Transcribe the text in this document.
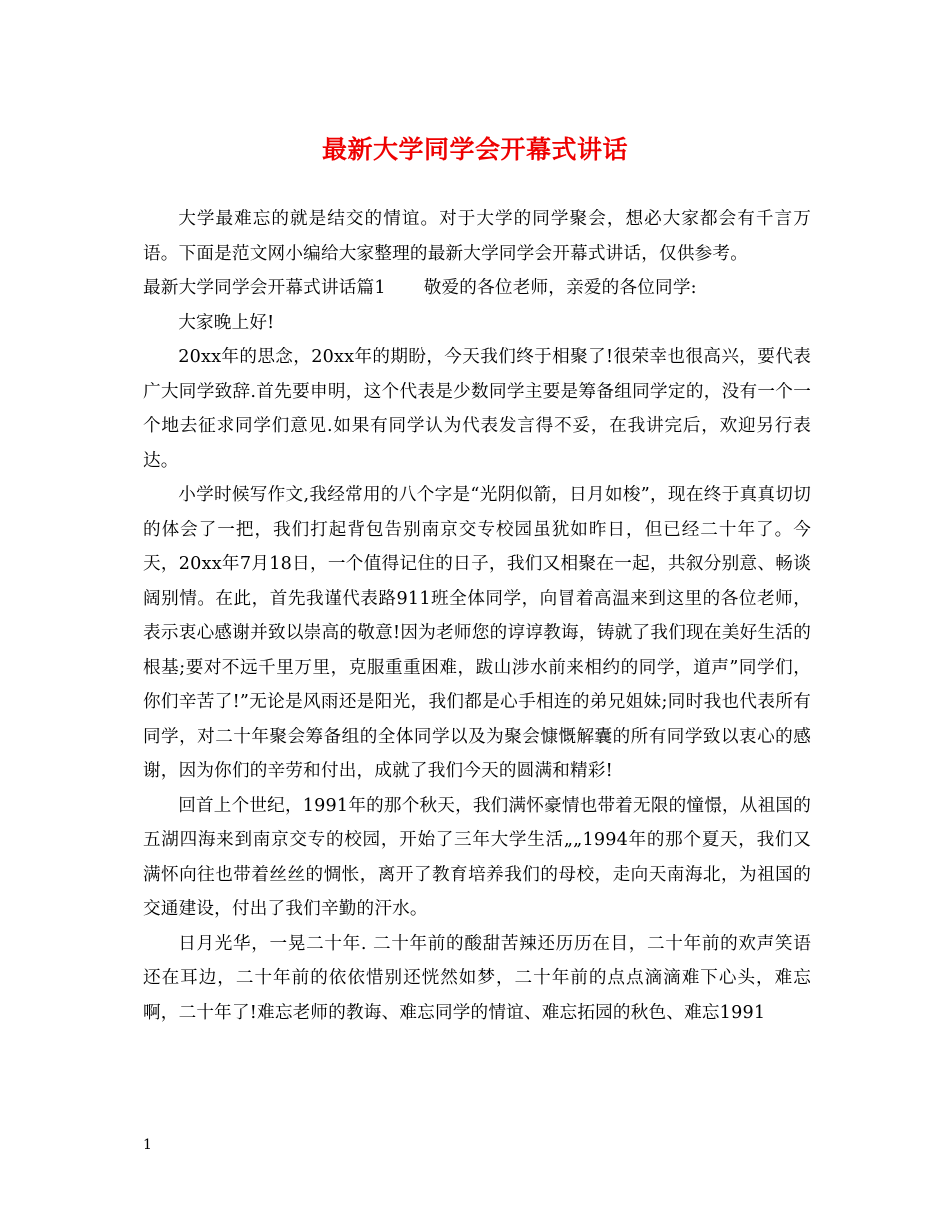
最新大学同学会开幕式讲话

大学最难忘的就是结交的情谊。对于大学的同学聚会，想必大家都会有千言万语。下面是范文网小编给大家整理的最新大学同学会开幕式讲话，仅供参考。

最新大学同学会开幕式讲话篇1 敬爱的各位老师，亲爱的各位同学:

大家晚上好!

20xx年的思念，20xx年的期盼，今天我们终于相聚了!很荣幸也很高兴，要代表广大同学致辞.首先要申明，这个代表是少数同学主要是筹备组同学定的，没有一个一个地去征求同学们意见.如果有同学认为代表发言得不妥，在我讲完后，欢迎另行表达。

小学时候写作文,我经常用的八个字是“光阴似箭，日月如梭”，现在终于真真切切的体会了一把，我们打起背包告别南京交专校园虽犹如昨日，但已经二十年了。今天，20xx年7月18日，一个值得记住的日子，我们又相聚在一起，共叙分别意、畅谈阔别情。在此，首先我谨代表路911班全体同学，向冒着高温来到这里的各位老师，表示衷心感谢并致以崇高的敬意!因为老师您的谆谆教诲，铸就了我们现在美好生活的根基;要对不远千里万里，克服重重困难，跋山涉水前来相约的同学，道声”同学们，你们辛苦了!”无论是风雨还是阳光，我们都是心手相连的弟兄姐妹;同时我也代表所有同学，对二十年聚会筹备组的全体同学以及为聚会慷慨解囊的所有同学致以衷心的感谢，因为你们的辛劳和付出，成就了我们今天的圆满和精彩!

回首上个世纪，1991年的那个秋天，我们满怀豪情也带着无限的憧憬，从祖国的五湖四海来到南京交专的校园，开始了三年大学生活„„1994年的那个夏天，我们又满怀向往也带着丝丝的惆怅，离开了教育培养我们的母校，走向天南海北，为祖国的交通建设，付出了我们辛勤的汗水。

日月光华，一晃二十年. 二十年前的酸甜苦辣还历历在目，二十年前的欢声笑语还在耳边，二十年前的依依惜别还恍然如梦，二十年前的点点滴滴难下心头，难忘啊，二十年了!难忘老师的教诲、难忘同学的情谊、难忘拓园的秋色、难忘1991

1
